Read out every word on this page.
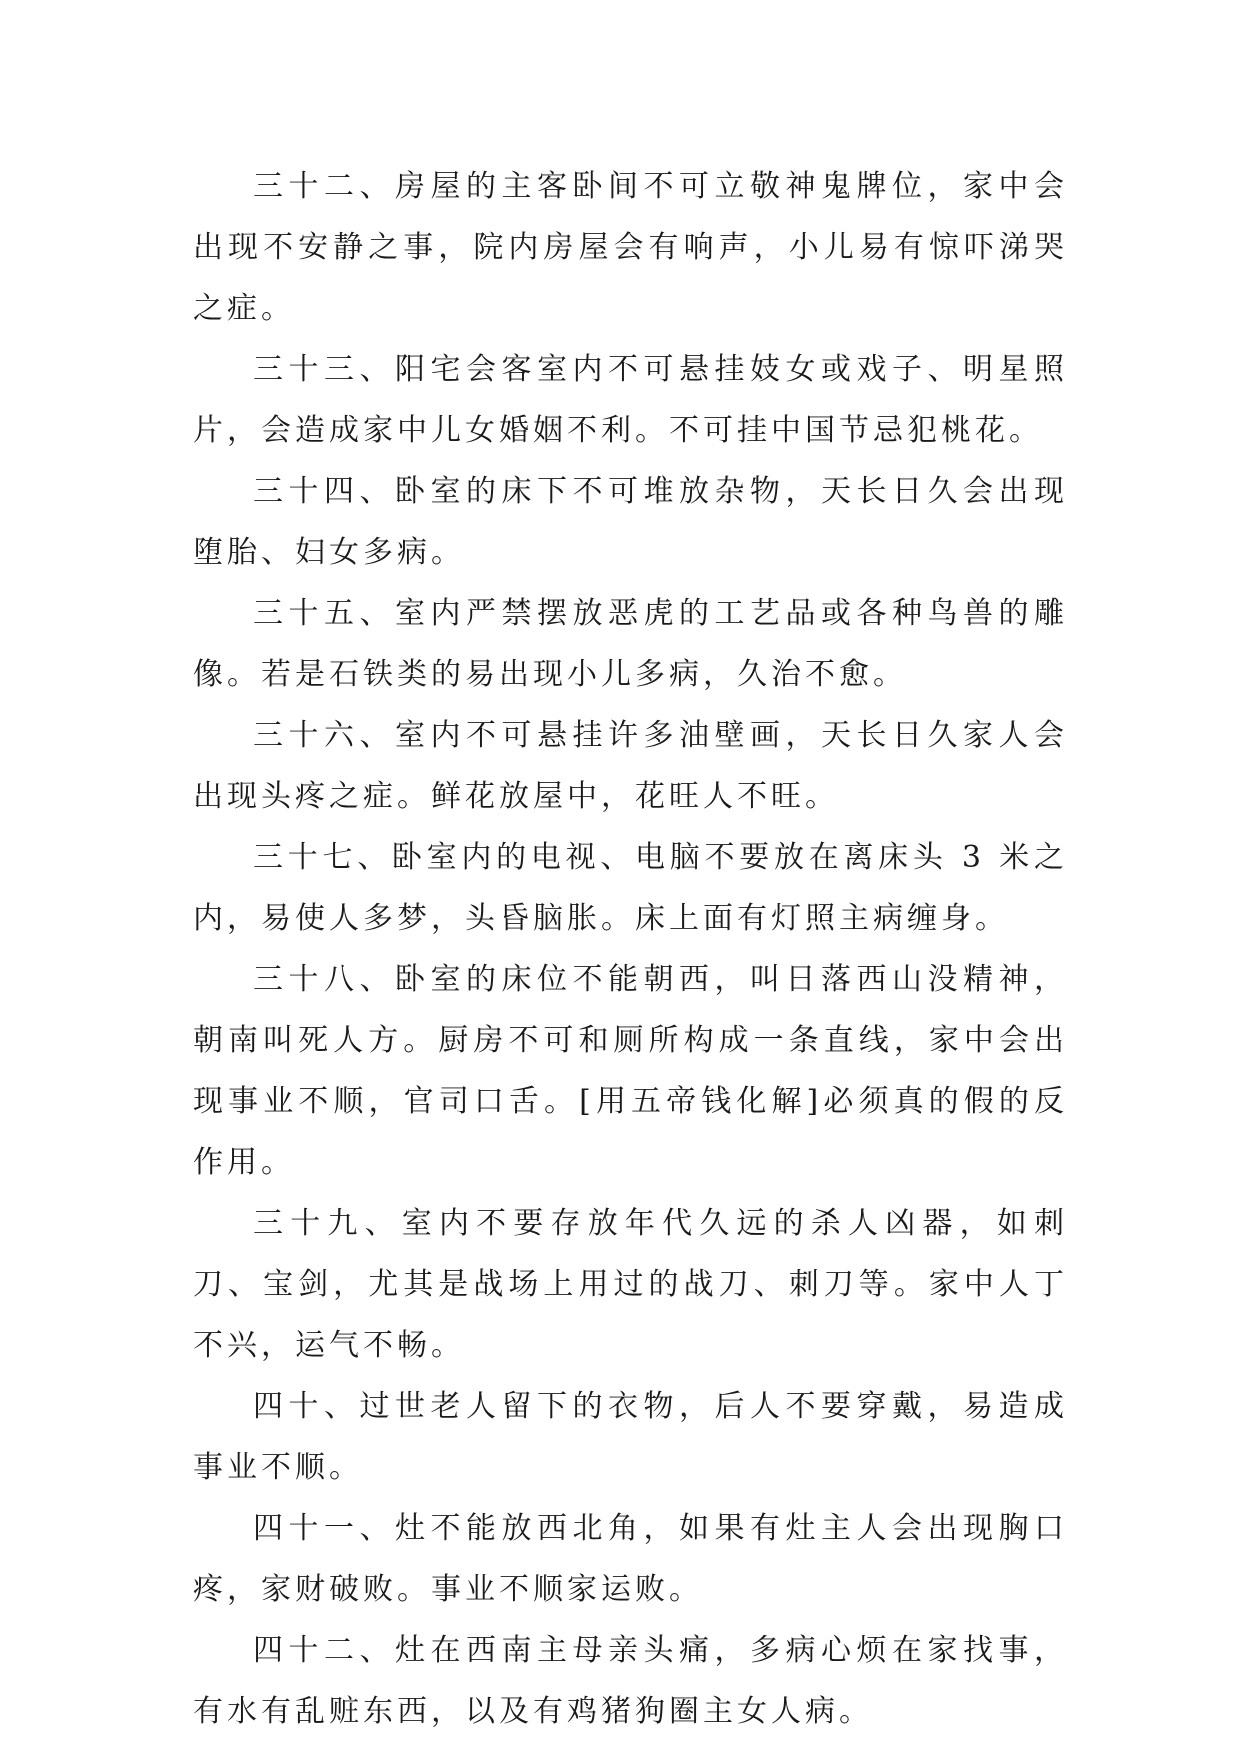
三十二、房屋的主客卧间不可立敬神鬼牌位，家中会出现不安静之事，院内房屋会有响声，小儿易有惊吓涕哭之症。

三十三、阳宅会客室内不可悬挂妓女或戏子、明星照片，会造成家中儿女婚姻不利。不可挂中国节忌犯桃花。

三十四、卧室的床下不可堆放杂物，天长日久会出现堕胎、妇女多病。

三十五、室内严禁摆放恶虎的工艺品或各种鸟兽的雕像。若是石铁类的易出现小儿多病，久治不愈。

三十六、室内不可悬挂许多油壁画，天长日久家人会出现头疼之症。鲜花放屋中，花旺人不旺。

三十七、卧室内的电视、电脑不要放在离床头 3 米之内，易使人多梦，头昏脑胀。床上面有灯照主病缠身。

三十八、卧室的床位不能朝西，叫日落西山没精神，朝南叫死人方。厨房不可和厕所构成一条直线，家中会出现事业不顺，官司口舌。[用五帝钱化解]必须真的假的反作用。

三十九、室内不要存放年代久远的杀人凶器，如刺刀、宝剑，尤其是战场上用过的战刀、刺刀等。家中人丁不兴，运气不畅。

四十、过世老人留下的衣物，后人不要穿戴，易造成事业不顺。

四十一、灶不能放西北角，如果有灶主人会出现胸口疼，家财破败。事业不顺家运败。

四十二、灶在西南主母亲头痛，多病心烦在家找事，有水有乱赃东西，以及有鸡猪狗圈主女人病。
